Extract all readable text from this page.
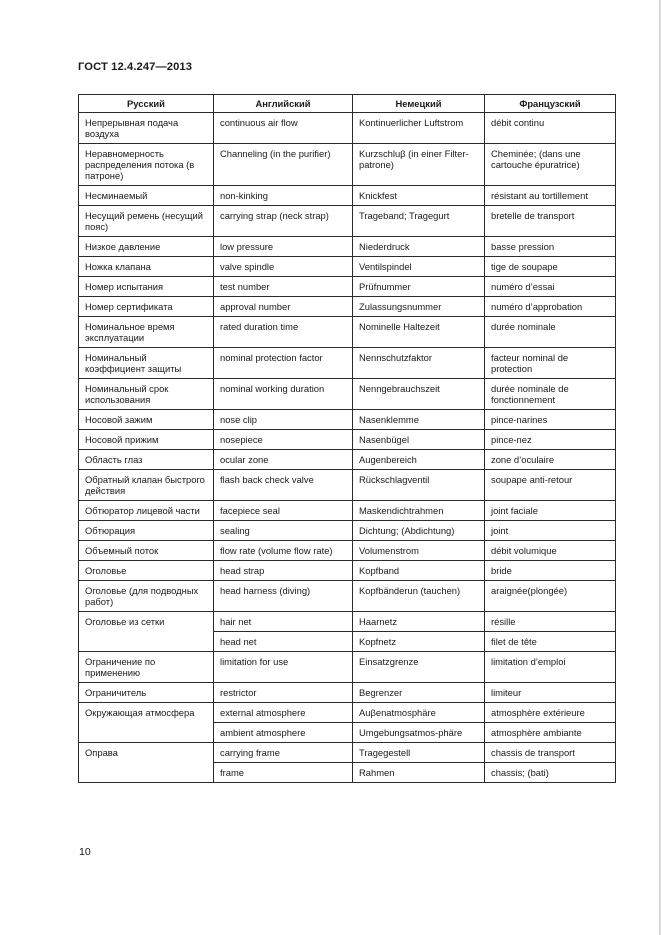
ГОСТ 12.4.247—2013
Русский	Английский	Немецкий	Французский
Непрерывная подача воздуха	continuous air flow	Kontinuerlicher Luftstrom	débit continu
Неравномерность распределения потока (в патроне)	Channeling (in the purifier)	Kurzschluβ (in einer Filter-patrone)	Cheminée; (dans une cartouche épuratrice)
Несминаемый	non-kinking	Knickfest	résistant au tortillement
Несущий ремень (несущий пояс)	carrying strap (neck strap)	Trageband; Tragegurt	bretelle de transport
Низкое давление	low pressure	Niederdruck	basse pression
Ножка клапана	valve spindle	Ventilspindel	tige de soupape
Номер испытания	test number	Prüfnummer	numéro d’essai
Номер сертификата	approval number	Zulassungsnummer	numéro d’approbation
Номинальное время эксплуатации	rated duration time	Nominelle Haltezeit	durée nominale
Номинальный коэффициент защиты	nominal protection factor	Nennschutzfaktor	facteur nominal de protection
Номинальный срок использования	nominal working duration	Nenngebrauchszeit	durée nominale de fonctionnement
Носовой зажим	nose clip	Nasenklemme	pince-narines
Носовой прижим	nosepiece	Nasenbügel	pince-nez
Область глаз	ocular zone	Augenbereich	zone d’oculaire
Обратный клапан быстрого действия	flash back check valve	Rückschlagventil	soupape anti-retour
Обтюратор лицевой части	facepiece seal	Maskendichtrahmen	joint faciale
Обтюрация	sealing	Dichtung; (Abdichtung)	joint
Объемный поток	flow rate (volume flow rate)	Volumenstrom	débit volumique
Оголовье	head strap	Kopfband	bride
Оголовье (для подводных работ)	head harness (diving)	Kopfbänderun (tauchen)	araignée(plongée)
Оголовье из сетки	hair net	Haarnetz	résille
	head net	Kopfnetz	filet de tête
Ограничение по применению	limitation for use	Einsatzgrenze	limitation d’emploi
Ограничитель	restrictor	Begrenzer	limiteur
Окружающая атмосфера	external atmosphere	Auβenatmosphäre	atmosphère extérieure
	ambient atmosphere	Umgebungsatmos-phäre	atmosphère ambiante
Оправа	carrying frame	Tragegestell	chassis de transport
	frame	Rahmen	chassis; (bati)
10
